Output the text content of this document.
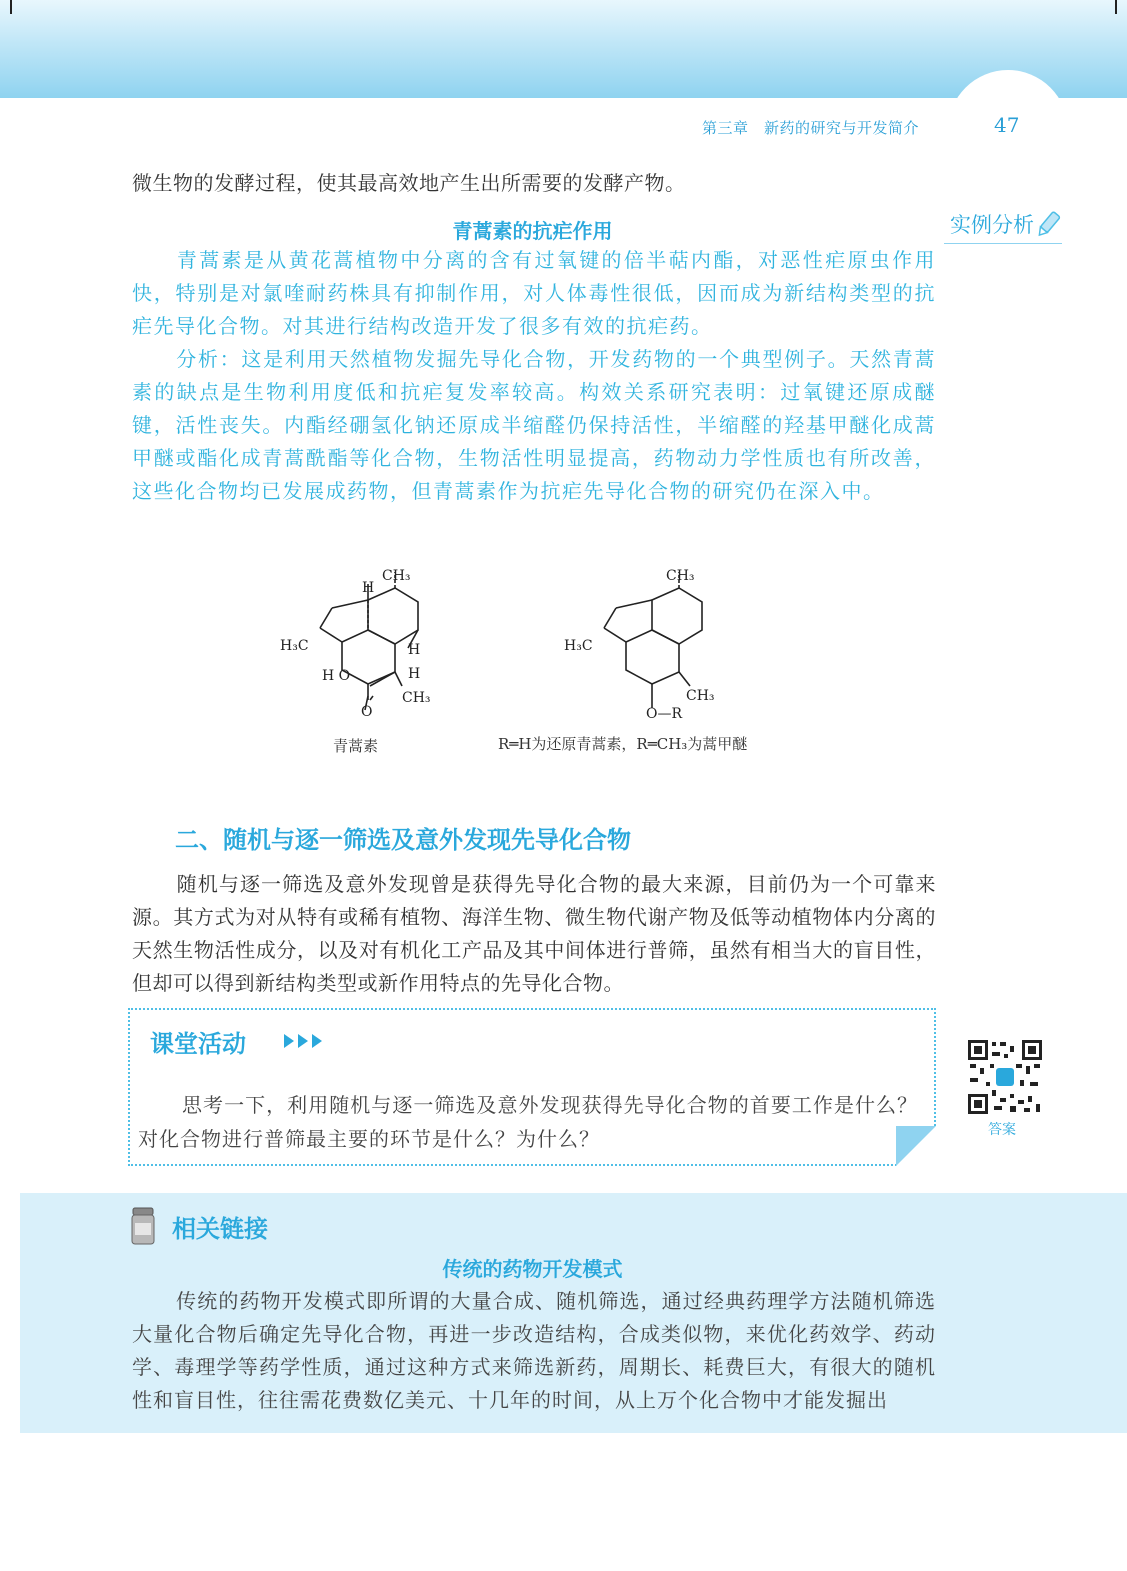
第三章　新药的研究与开发简介	47
微生物的发酵过程，使其最高效地产生出所需要的发酵产物。
实例分析
青蒿素的抗疟作用

青蒿素是从黄花蒿植物中分离的含有过氧键的倍半萜内酯，对恶性疟原虫作用快，特别是对氯喹耐药株具有抑制作用，对人体毒性很低，因而成为新结构类型的抗疟先导化合物。对其进行结构改造开发了很多有效的抗疟药。

分析：这是利用天然植物发掘先导化合物，开发药物的一个典型例子。天然青蒿素的缺点是生物利用度低和抗疟复发率较高。构效关系研究表明：过氧键还原成醚键，活性丧失。内酯经硼氢化钠还原成半缩醛仍保持活性，半缩醛的羟基甲醚化成蒿甲醚或酯化成青蒿酰酯等化合物，生物活性明显提高，药物动力学性质也有所改善，这些化合物均已发展成药物，但青蒿素作为抗疟先导化合物的研究仍在深入中。

CH₃
H
H₃C	H
H
H O
CH₃
O
CH₃
H₃C
CH₃
O—R
青蒿素	R═H为还原青蒿素，R═CH₃为蒿甲醚
二、随机与逐一筛选及意外发现先导化合物

随机与逐一筛选及意外发现曾是获得先导化合物的最大来源，目前仍为一个可靠来源。其方式为对从特有或稀有植物、海洋生物、微生物代谢产物及低等动植物体内分离的天然生物活性成分，以及对有机化工产品及其中间体进行普筛，虽然有相当大的盲目性，但却可以得到新结构类型或新作用特点的先导化合物。

课堂活动

思考一下，利用随机与逐一筛选及意外发现获得先导化合物的首要工作是什么？对化合物进行普筛最主要的环节是什么？为什么？	答案
相关链接
传统的药物开发模式

传统的药物开发模式即所谓的大量合成、随机筛选，通过经典药理学方法随机筛选大量化合物后确定先导化合物，再进一步改造结构，合成类似物，来优化药效学、药动学、毒理学等药学性质，通过这种方式来筛选新药，周期长、耗费巨大，有很大的随机性和盲目性，往往需花费数亿美元、十几年的时间，从上万个化合物中才能发掘出
